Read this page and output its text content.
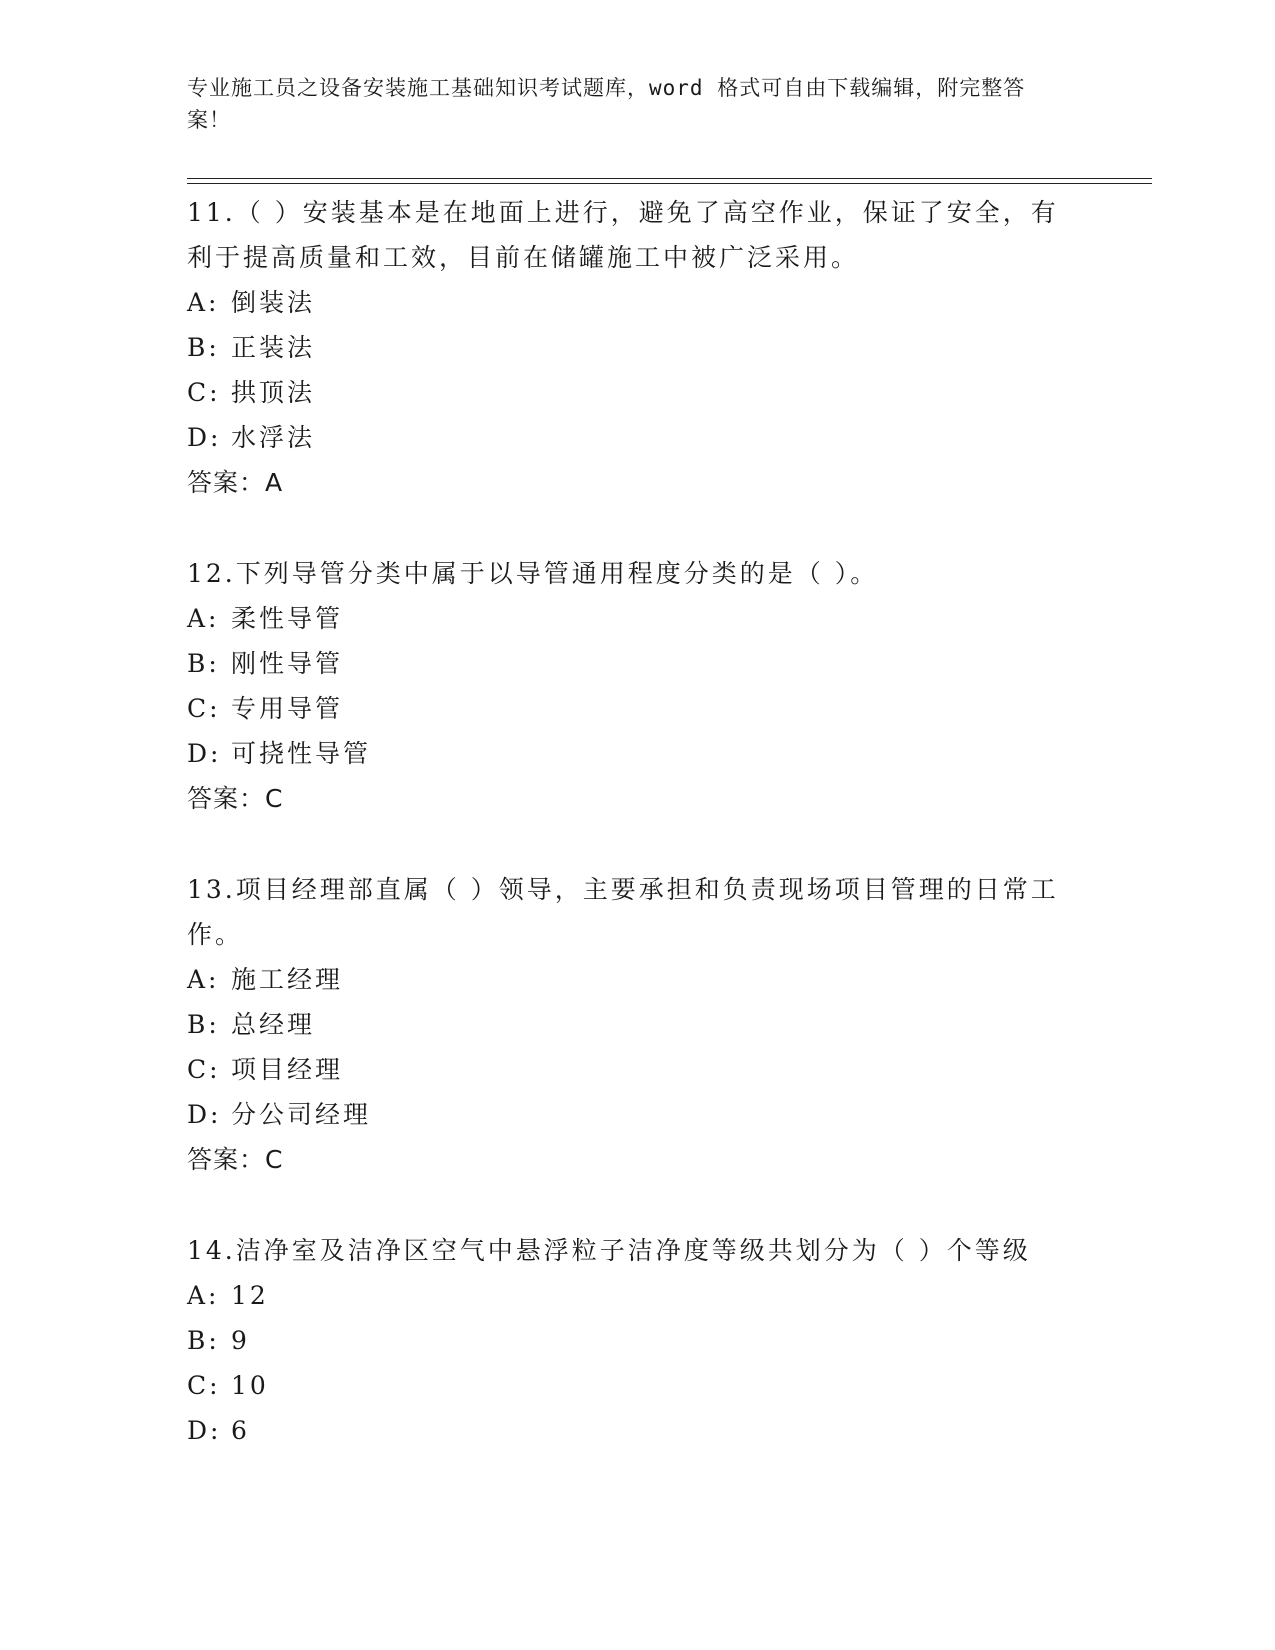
专业施工员之设备安装施工基础知识考试题库，word 格式可自由下载编辑，附完整答案！
11.（ ）安装基本是在地面上进行，避免了高空作业，保证了安全，有利于提高质量和工效，目前在储罐施工中被广泛采用。
A: 倒装法
B: 正装法
C: 拱顶法
D: 水浮法
答案：A
12.下列导管分类中属于以导管通用程度分类的是（ ）。
A: 柔性导管
B: 刚性导管
C: 专用导管
D: 可挠性导管
答案：C
13.项目经理部直属（ ）领导，主要承担和负责现场项目管理的日常工作。
A: 施工经理
B: 总经理
C: 项目经理
D: 分公司经理
答案：C
14.洁净室及洁净区空气中悬浮粒子洁净度等级共划分为（ ）个等级
A: 12
B: 9
C: 10
D: 6
